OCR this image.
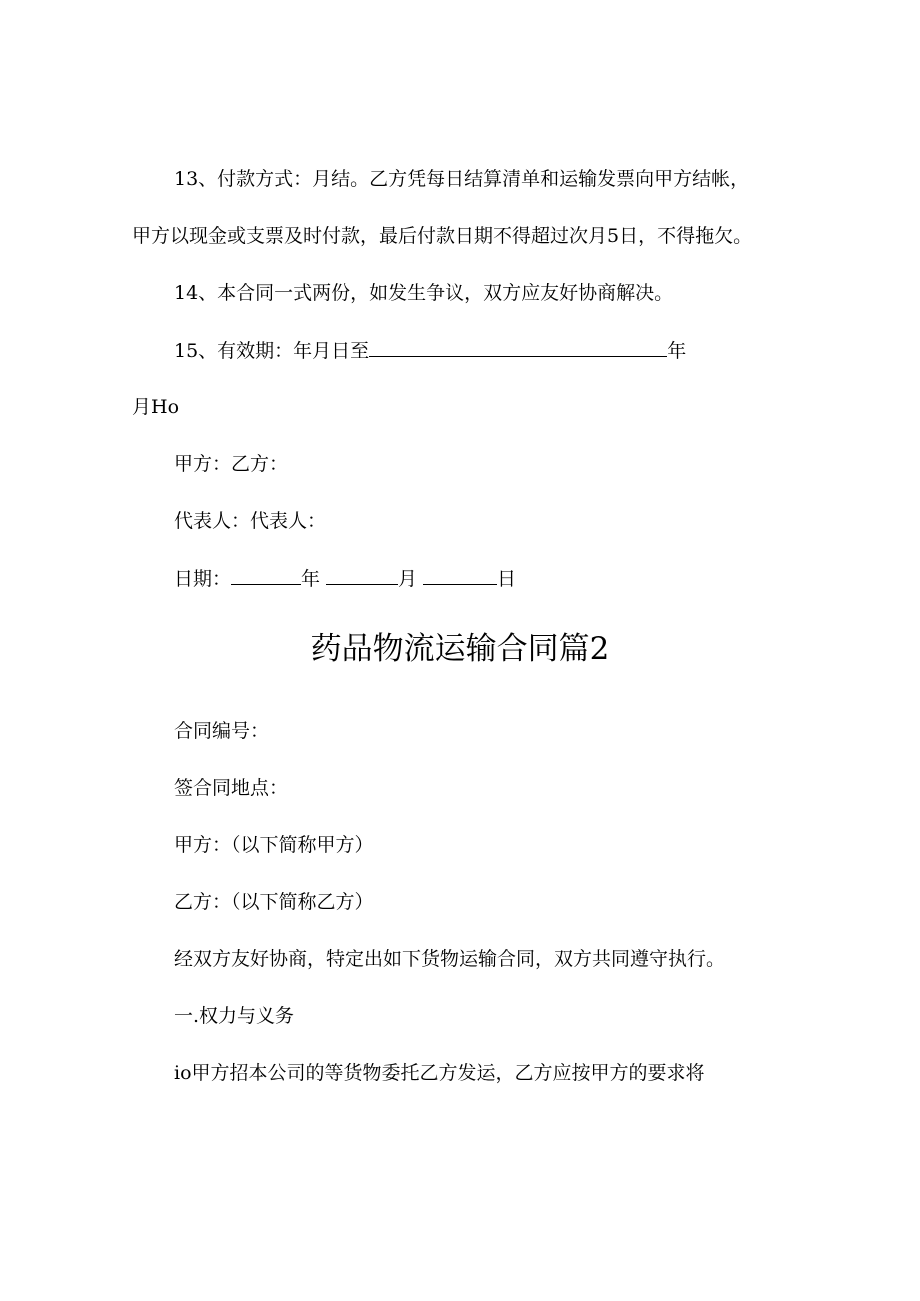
13、付款方式：月结。乙方凭每日结算清单和运输发票向甲方结帐，
甲方以现金或支票及时付款，最后付款日期不得超过次月5日，不得拖欠。
14、本合同一式两份，如发生争议，双方应友好协商解决。
15、有效期：年月日至	年
月Ho
甲方：乙方：
代表人：代表人：
日期：	年	月	日
药品物流运输合同篇2
合同编号：
签合同地点：
甲方：（以下简称甲方）
乙方：（以下简称乙方）
经双方友好协商，特定出如下货物运输合同，双方共同遵守执行。
一.权力与义务
io甲方招本公司的等货物委托乙方发运，乙方应按甲方的要求将
